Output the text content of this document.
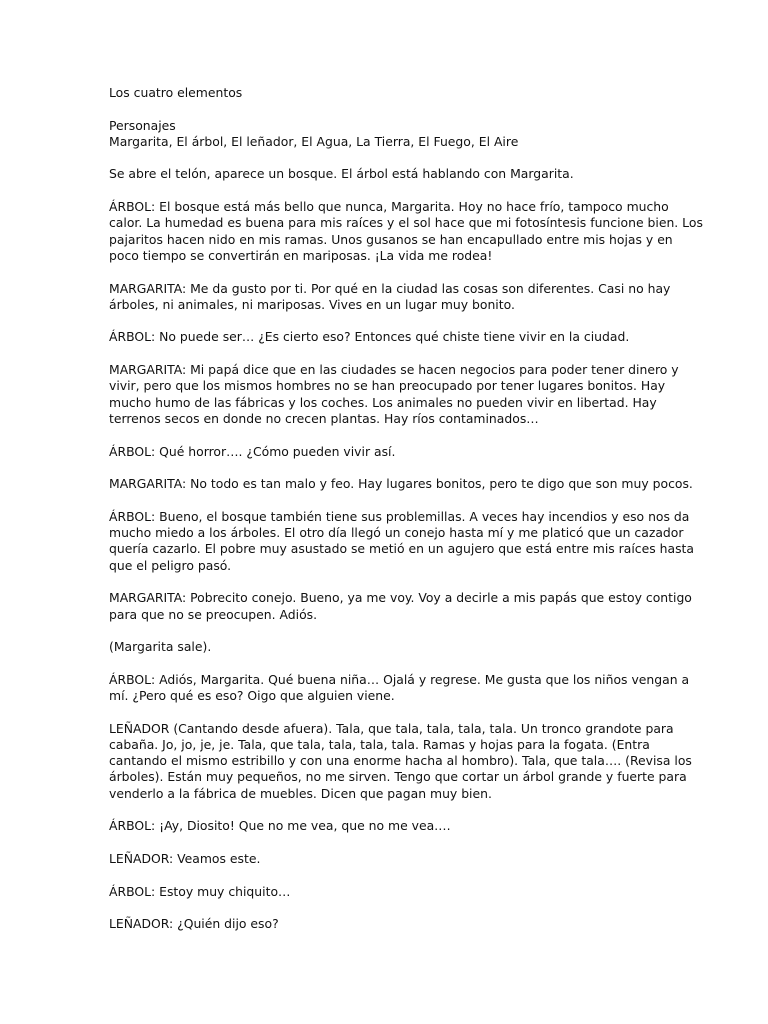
Los cuatro elementos
Personajes
Margarita, El árbol, El leñador, El Agua, La Tierra, El Fuego, El Aire
Se abre el telón, aparece un bosque. El árbol está hablando con Margarita.
ÁRBOL: El bosque está más bello que nunca, Margarita. Hoy no hace frío, tampoco mucho
calor. La humedad es buena para mis raíces y el sol hace que mi fotosíntesis funcione bien. Los
pajaritos hacen nido en mis ramas. Unos gusanos se han encapullado entre mis hojas y en
poco tiempo se convertirán en mariposas. ¡La vida me rodea!
MARGARITA: Me da gusto por ti. Por qué en la ciudad las cosas son diferentes. Casi no hay
árboles, ni animales, ni mariposas. Vives en un lugar muy bonito.
ÁRBOL: No puede ser… ¿Es cierto eso? Entonces qué chiste tiene vivir en la ciudad.
MARGARITA: Mi papá dice que en las ciudades se hacen negocios para poder tener dinero y
vivir, pero que los mismos hombres no se han preocupado por tener lugares bonitos. Hay
mucho humo de las fábricas y los coches. Los animales no pueden vivir en libertad. Hay
terrenos secos en donde no crecen plantas. Hay ríos contaminados…
ÁRBOL: Qué horror…. ¿Cómo pueden vivir así.
MARGARITA: No todo es tan malo y feo. Hay lugares bonitos, pero te digo que son muy pocos.
ÁRBOL: Bueno, el bosque también tiene sus problemillas. A veces hay incendios y eso nos da
mucho miedo a los árboles. El otro día llegó un conejo hasta mí y me platicó que un cazador
quería cazarlo. El pobre muy asustado se metió en un agujero que está entre mis raíces hasta
que el peligro pasó.
MARGARITA: Pobrecito conejo. Bueno, ya me voy. Voy a decirle a mis papás que estoy contigo
para que no se preocupen. Adiós.
(Margarita sale).
ÁRBOL: Adiós, Margarita. Qué buena niña… Ojalá y regrese. Me gusta que los niños vengan a
mí. ¿Pero qué es eso? Oigo que alguien viene.
LEÑADOR (Cantando desde afuera). Tala, que tala, tala, tala, tala. Un tronco grandote para
cabaña. Jo, jo, je, je. Tala, que tala, tala, tala, tala. Ramas y hojas para la fogata. (Entra
cantando el mismo estribillo y con una enorme hacha al hombro). Tala, que tala…. (Revisa los
árboles). Están muy pequeños, no me sirven. Tengo que cortar un árbol grande y fuerte para
venderlo a la fábrica de muebles. Dicen que pagan muy bien.
ÁRBOL: ¡Ay, Diosito! Que no me vea, que no me vea….
LEÑADOR: Veamos este.
ÁRBOL: Estoy muy chiquito…
LEÑADOR: ¿Quién dijo eso?
